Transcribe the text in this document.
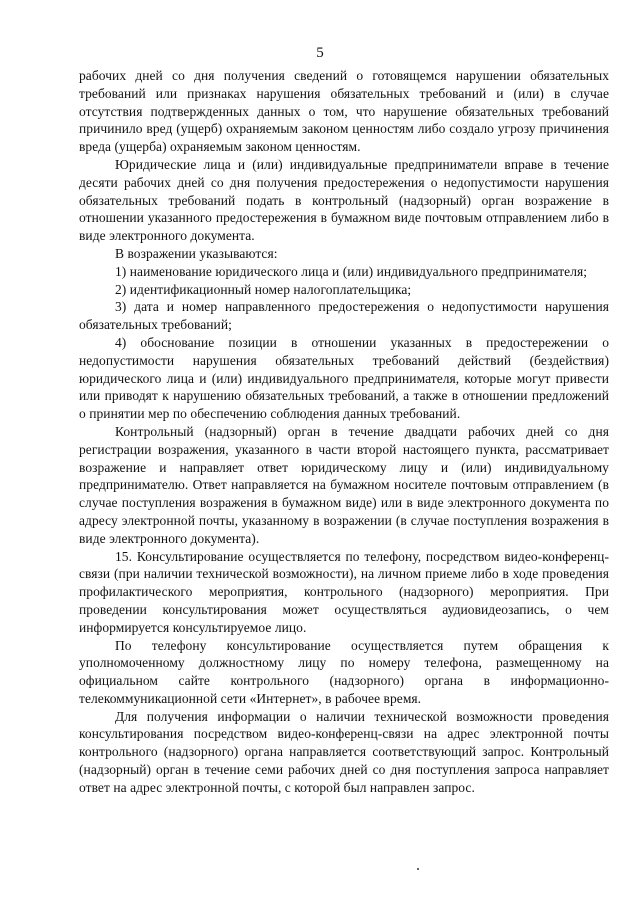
5

рабочих дней со дня получения сведений о готовящемся нарушении обязательных требований или признаках нарушения обязательных требований и (или) в случае отсутствия подтвержденных данных о том, что нарушение обязательных требований причинило вред (ущерб) охраняемым законом ценностям либо создало угрозу причинения вреда (ущерба) охраняемым законом ценностям.

Юридические лица и (или) индивидуальные предприниматели вправе в течение десяти рабочих дней со дня получения предостережения о недопустимости нарушения обязательных требований подать в контрольный (надзорный) орган возражение в отношении указанного предостережения в бумажном виде почтовым отправлением либо в виде электронного документа.

В возражении указываются:

1) наименование юридического лица и (или) индивидуального предпринимателя;

2) идентификационный номер налогоплательщика;

3) дата и номер направленного предостережения о недопустимости нарушения обязательных требований;

4) обоснование позиции в отношении указанных в предостережении о недопустимости нарушения обязательных требований действий (бездействия) юридического лица и (или) индивидуального предпринимателя, которые могут привести или приводят к нарушению обязательных требований, а также в отношении предложений о принятии мер по обеспечению соблюдения данных требований.

Контрольный (надзорный) орган в течение двадцати рабочих дней со дня регистрации возражения, указанного в части второй настоящего пункта, рассматривает возражение и направляет ответ юридическому лицу и (или) индивидуальному предпринимателю. Ответ направляется на бумажном носителе почтовым отправлением (в случае поступления возражения в бумажном виде) или в виде электронного документа по адресу электронной почты, указанному в возражении (в случае поступления возражения в виде электронного документа).

15. Консультирование осуществляется по телефону, посредством видео-конференц-связи (при наличии технической возможности), на личном приеме либо в ходе проведения профилактического мероприятия, контрольного (надзорного) мероприятия. При проведении консультирования может осуществляться аудиовидеозапись, о чем информируется консультируемое лицо.

По телефону консультирование осуществляется путем обращения к уполномоченному должностному лицу по номеру телефона, размещенному на официальном сайте контрольного (надзорного) органа в информационно-телекоммуникационной сети «Интернет», в рабочее время.

Для получения информации о наличии технической возможности проведения консультирования посредством видео-конференц-связи на адрес электронной почты контрольного (надзорного) органа направляется соответствующий запрос. Контрольный (надзорный) орган в течение семи рабочих дней со дня поступления запроса направляет ответ на адрес электронной почты, с которой был направлен запрос.
